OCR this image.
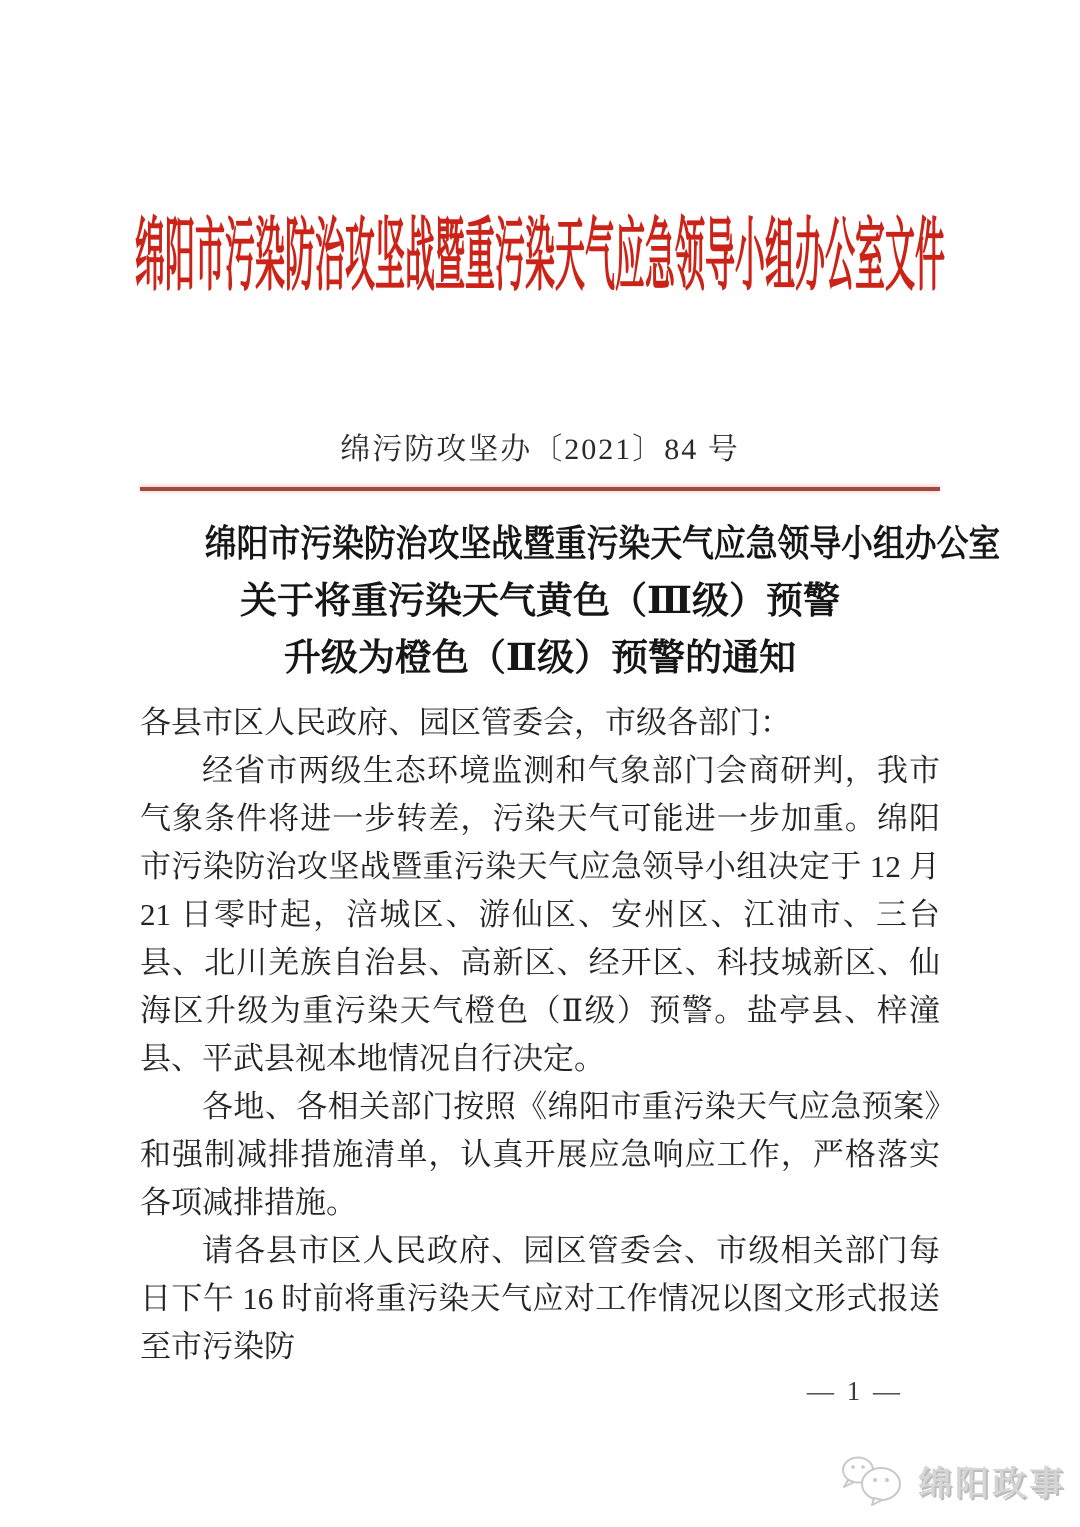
绵阳市污染防治攻坚战暨重污染天气应急领导小组办公室文件
绵污防攻坚办〔2021〕84 号
绵阳市污染防治攻坚战暨重污染天气应急领导小组办公室
关于将重污染天气黄色（Ⅲ级）预警
升级为橙色（Ⅱ级）预警的通知

各县市区人民政府、园区管委会，市级各部门：

经省市两级生态环境监测和气象部门会商研判，我市气象条件将进一步转差，污染天气可能进一步加重。绵阳市污染防治攻坚战暨重污染天气应急领导小组决定于 12 月 21 日零时起，涪城区、游仙区、安州区、江油市、三台县、北川羌族自治县、高新区、经开区、科技城新区、仙海区升级为重污染天气橙色（Ⅱ级）预警。盐亭县、梓潼县、平武县视本地情况自行决定。

各地、各相关部门按照《绵阳市重污染天气应急预案》和强制减排措施清单，认真开展应急响应工作，严格落实各项减排措施。

请各县市区人民政府、园区管委会、市级相关部门每日下午 16 时前将重污染天气应对工作情况以图文形式报送至市污染防

— 1 —
绵阳政事
